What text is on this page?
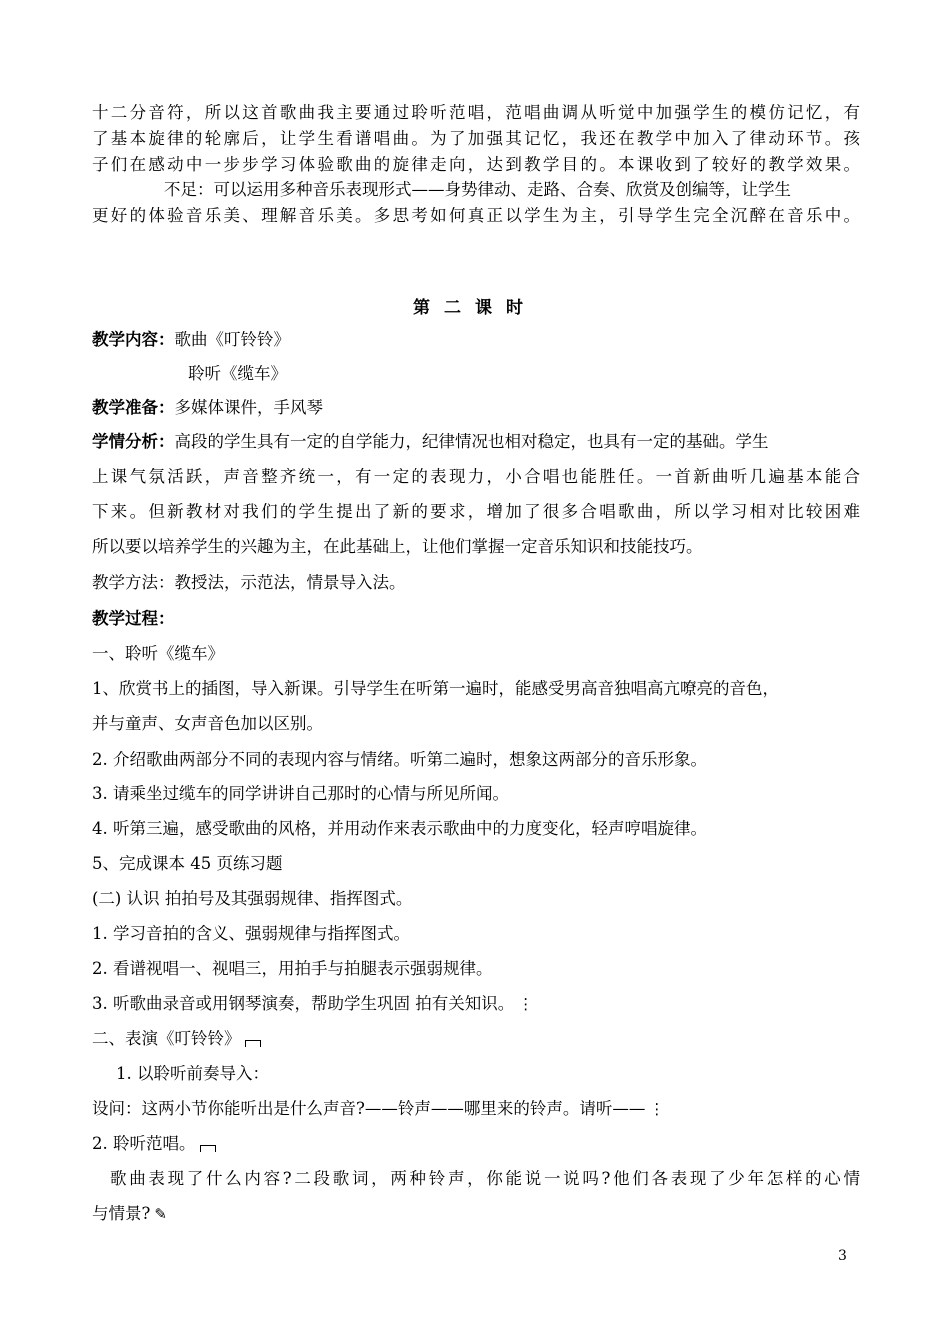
十二分音符，所以这首歌曲我主要通过聆听范唱，范唱曲调从听觉中加强学生的模仿记忆，有
了基本旋律的轮廓后，让学生看谱唱曲。为了加强其记忆，我还在教学中加入了律动环节。孩
子们在感动中一步步学习体验歌曲的旋律走向，达到教学目的。本课收到了较好的教学效果。
不足：可以运用多种音乐表现形式——身势律动、走路、合奏、欣赏及创编等，让学生
更好的体验音乐美、理解音乐美。多思考如何真正以学生为主，引导学生完全沉醉在音乐中。
第二课时
教学内容：歌曲《叮铃铃》
聆听《缆车》
教学准备：多媒体课件，手风琴
学情分析：高段的学生具有一定的自学能力，纪律情况也相对稳定，也具有一定的基础。学生
上课气氛活跃，声音整齐统一，有一定的表现力，小合唱也能胜任。一首新曲听几遍基本能合
下来。但新教材对我们的学生提出了新的要求，增加了很多合唱歌曲，所以学习相对比较困难
所以要以培养学生的兴趣为主，在此基础上，让他们掌握一定音乐知识和技能技巧。
教学方法：教授法，示范法，情景导入法。
教学过程：
一、聆听《缆车》
1、欣赏书上的插图，导入新课。引导学生在听第一遍时，能感受男高音独唱高亢嘹亮的音色，
并与童声、女声音色加以区别。
2. 介绍歌曲两部分不同的表现内容与情绪。听第二遍时，想象这两部分的音乐形象。
3. 请乘坐过缆车的同学讲讲自己那时的心情与所见所闻。
4. 听第三遍，感受歌曲的风格，并用动作来表示歌曲中的力度变化，轻声哼唱旋律。
5、完成课本 45 页练习题
(二) 认识 拍拍号及其强弱规律、指挥图式。
1. 学习音拍的含义、强弱规律与指挥图式。
2. 看谱视唱一、视唱三，用拍手与拍腿表示强弱规律。
3. 听歌曲录音或用钢琴演奏，帮助学生巩固 拍有关知识。 ⋮
二、表演《叮铃铃》
1. 以聆听前奏导入：
设问：这两小节你能听出是什么声音?——铃声——哪里来的铃声。请听—— ⋮
2. 聆听范唱。
歌曲表现了什么内容?二段歌词，两种铃声，你能说一说吗?他们各表现了少年怎样的心情
与情景? ✎
3
